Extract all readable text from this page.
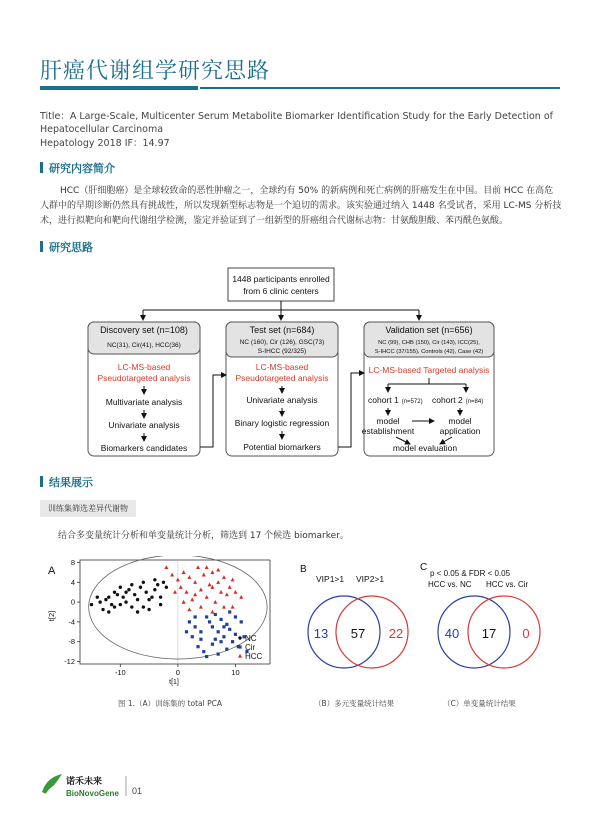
肝癌代谢组学研究思路
Title：A Large-Scale, Multicenter Serum Metabolite Biomarker Identification Study for the Early Detection of Hepatocellular Carcinoma
Hepatology 2018 IF：14.97
研究内容简介
HCC（肝细胞癌）是全球较致命的恶性肿瘤之一，全球约有 50% 的新病例和死亡病例的肝癌发生在中国。目前 HCC 在高危人群中的早期诊断仍然具有挑战性，所以发现新型标志物是一个迫切的需求。该实验通过纳入 1448 名受试者，采用 LC-MS 分析技术，进行拟靶向和靶向代谢组学检测，鉴定并验证到了一组新型的肝癌组合代谢标志物：甘氨酸胆酸、苯丙酰色氨酸。
研究思路
1448 participants enrolled
from 6 clinic centers
Discovery set (n=108)
NC(31), Cir(41), HCC(36)
LC-MS-based
Pseudotargeted analysis
Multivariate analysis
Univariate analysis
Biomarkers candidates
Test set (n=684)
NC (160), Cir (126), GSC(73)
S-IHCC (92/325)
LC-MS-based
Pseudotargeted analysis
Univariate analysis
Binary logistic regression
Potential biomarkers
Validation set (n=656)
NC (99), CHB (150), Cir (143), ICC(25),
S-IHCC (37/155), Controls (42), Case (42)
LC-MS-based Targeted analysis
cohort 1 (n=572) cohort 2 (n=84)
model
establishment
model
application
model evaluation
结果展示
训练集筛选差异代谢物
结合多变量统计分析和单变量统计分析，筛选到 17 个候选 biomarker。
A
t[2]
t[1]
8
4
0
-4
-8
-12
-10	0	10
NC
Cir
HCC
图 1.（A）训练集的 total PCA
B
VIP1>1 VIP2>1
13 57 22
（B）多元变量统计结果
C
p < 0.05 & FDR < 0.05
HCC vs. NC HCC vs. Cir
40 17 0
（C）单变量统计结果
诺禾未来
BioNovoGene 01
